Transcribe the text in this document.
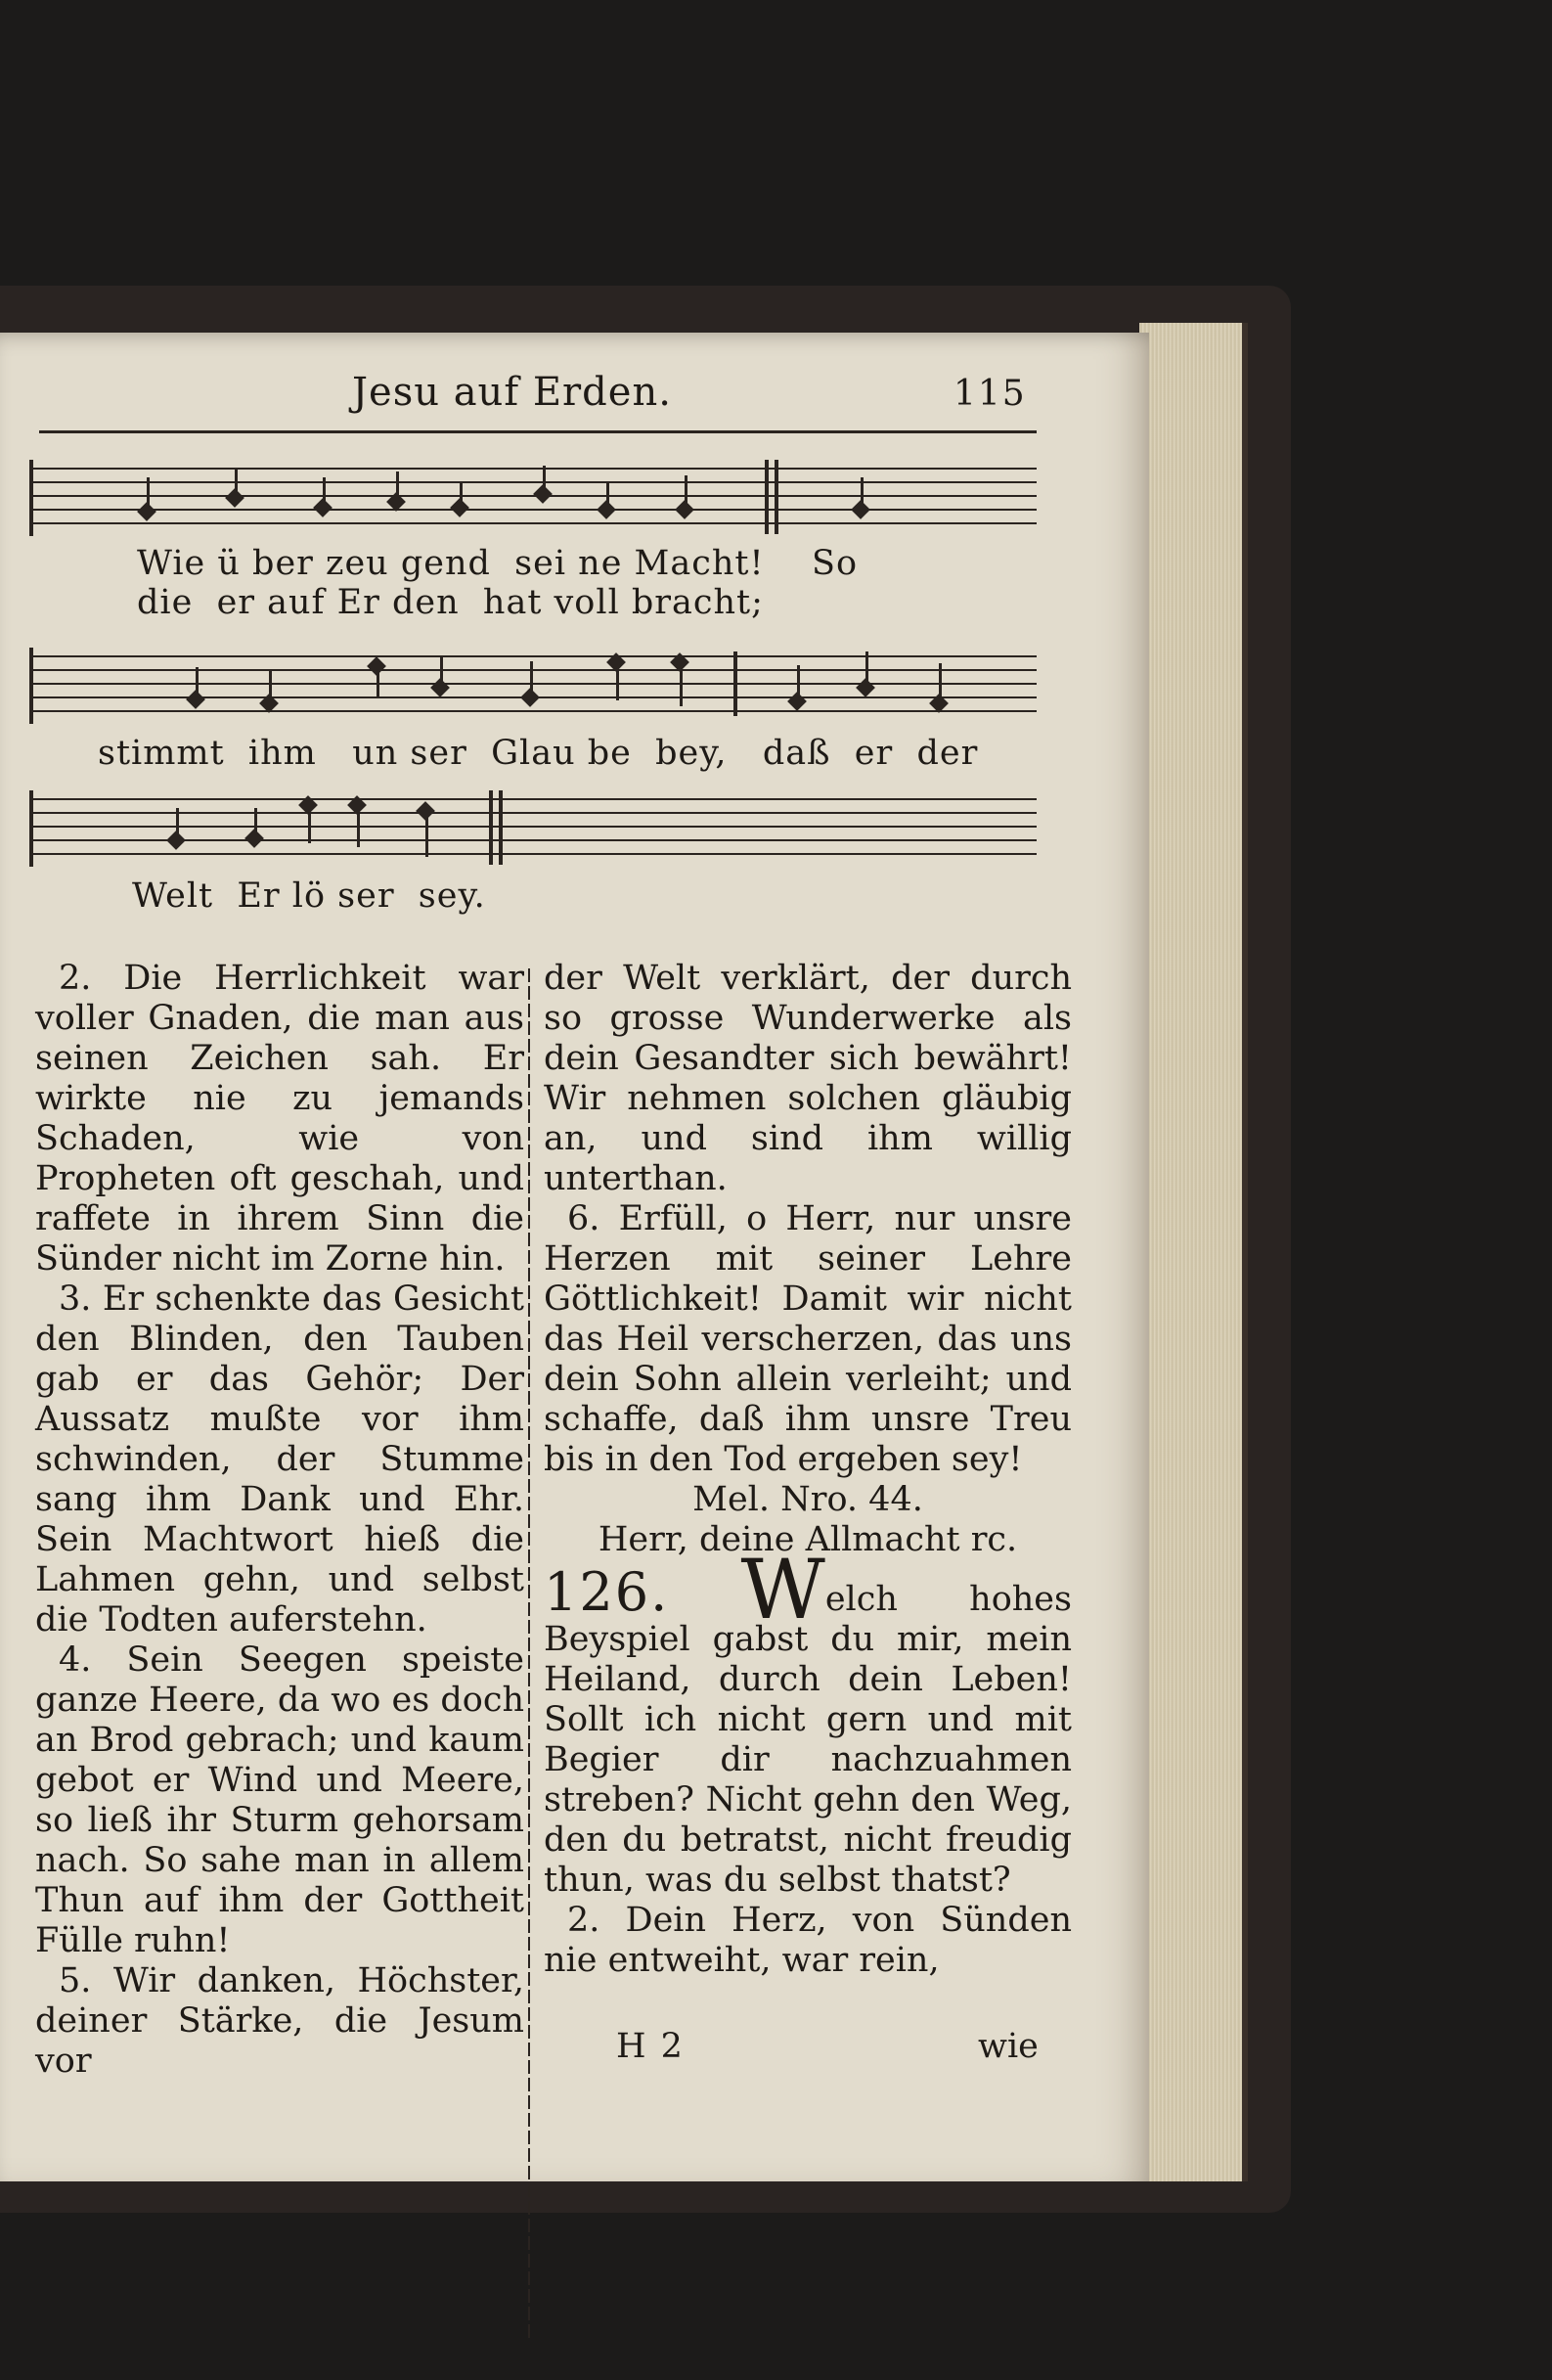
Jesu auf Erden.	115
Wie ü ber zeu gend  sei ne Macht!    So
die  er auf Er den  hat voll bracht;
stimmt  ihm   un ser  Glau be  bey,   daß  er  der
Welt  Er lö ser  sey.

2. Die Herrlichkeit war voller Gnaden, die man aus seinen Zeichen sah. Er wirkte nie zu jemands Schaden, wie von Propheten oft geschah, und raffete in ihrem Sinn die Sünder nicht im Zorne hin.

3. Er schenkte das Gesicht den Blinden, den Tauben gab er das Gehör; Der Aussatz mußte vor ihm schwinden, der Stumme sang ihm Dank und Ehr. Sein Machtwort hieß die Lahmen gehn, und selbst die Todten auferstehn.

4. Sein Seegen speiste ganze Heere, da wo es doch an Brod gebrach; und kaum gebot er Wind und Meere, so ließ ihr Sturm gehorsam nach. So sahe man in allem Thun auf ihm der Gottheit Fülle ruhn!

5. Wir danken, Höchster, deiner Stärke, die Jesum vor

der Welt verklärt, der durch so grosse Wunderwerke als dein Gesandter sich bewährt! Wir nehmen solchen gläubig an, und sind ihm willig unterthan.

6. Erfüll, o Herr, nur unsre Herzen mit seiner Lehre Göttlichkeit! Damit wir nicht das Heil verscherzen, das uns dein Sohn allein verleiht; und schaffe, daß ihm unsre Treu bis in den Tod ergeben sey!

Mel. Nro. 44.

Herr, deine Allmacht rc.

126. Welch hohes Beyspiel gabst du mir, mein Heiland, durch dein Leben! Sollt ich nicht gern und mit Begier dir nachzuahmen streben? Nicht gehn den Weg, den du betratst, nicht freudig thun, was du selbst thatst?

2. Dein Herz, von Sünden nie entweiht, war rein,

H 2	wie
